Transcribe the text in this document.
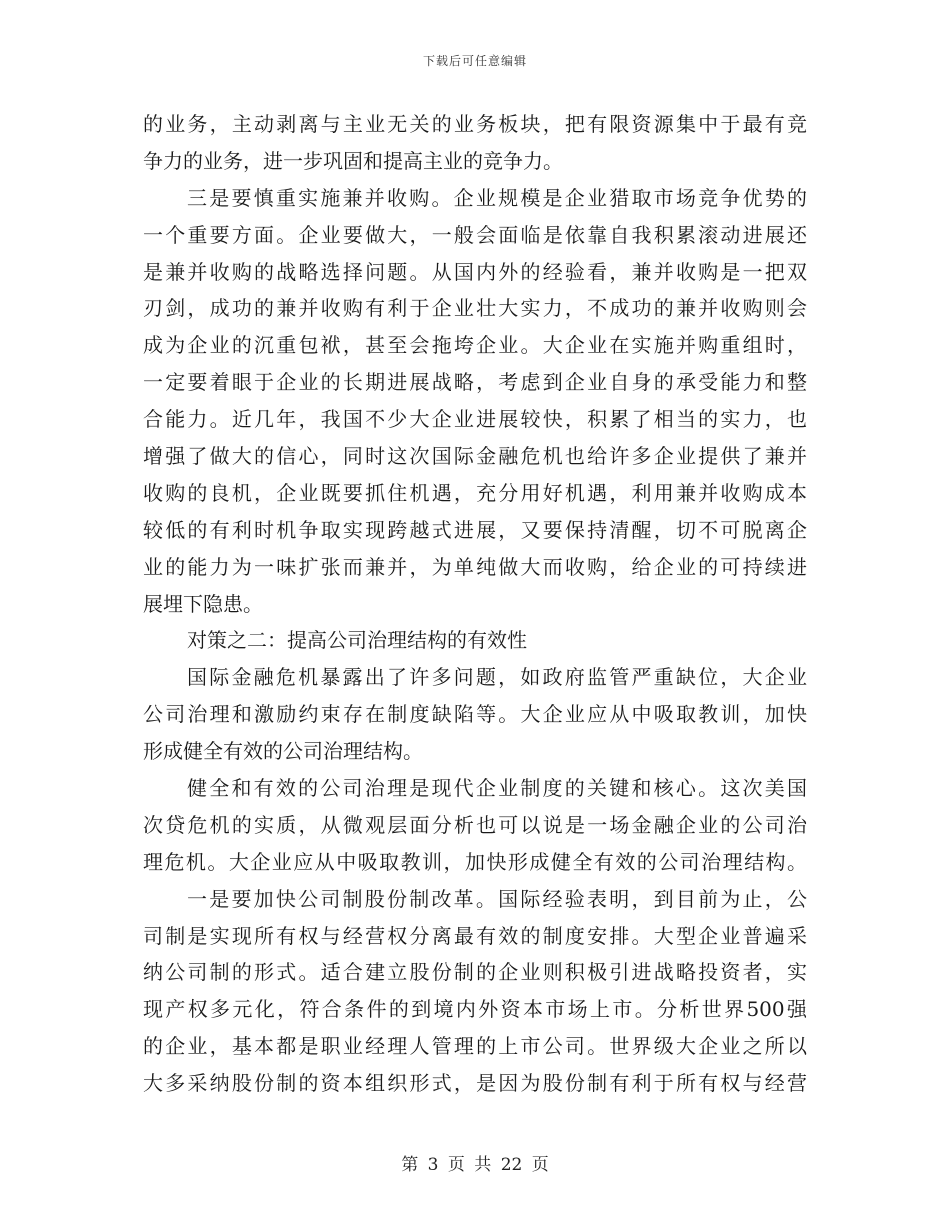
下载后可任意编辑
的业务，主动剥离与主业无关的业务板块，把有限资源集中于最有竞
争力的业务，进一步巩固和提高主业的竞争力。
三是要慎重实施兼并收购。企业规模是企业猎取市场竞争优势的
一个重要方面。企业要做大，一般会面临是依靠自我积累滚动进展还
是兼并收购的战略选择问题。从国内外的经验看，兼并收购是一把双
刃剑，成功的兼并收购有利于企业壮大实力，不成功的兼并收购则会
成为企业的沉重包袱，甚至会拖垮企业。大企业在实施并购重组时，
一定要着眼于企业的长期进展战略，考虑到企业自身的承受能力和整
合能力。近几年，我国不少大企业进展较快，积累了相当的实力，也
增强了做大的信心，同时这次国际金融危机也给许多企业提供了兼并
收购的良机，企业既要抓住机遇，充分用好机遇，利用兼并收购成本
较低的有利时机争取实现跨越式进展，又要保持清醒，切不可脱离企
业的能力为一味扩张而兼并，为单纯做大而收购，给企业的可持续进
展埋下隐患。
对策之二：提高公司治理结构的有效性
国际金融危机暴露出了许多问题，如政府监管严重缺位，大企业
公司治理和激励约束存在制度缺陷等。大企业应从中吸取教训，加快
形成健全有效的公司治理结构。
健全和有效的公司治理是现代企业制度的关键和核心。这次美国
次贷危机的实质，从微观层面分析也可以说是一场金融企业的公司治
理危机。大企业应从中吸取教训，加快形成健全有效的公司治理结构。
一是要加快公司制股份制改革。国际经验表明，到目前为止，公
司制是实现所有权与经营权分离最有效的制度安排。大型企业普遍采
纳公司制的形式。适合建立股份制的企业则积极引进战略投资者，实
现产权多元化，符合条件的到境内外资本市场上市。分析世界500强
的企业，基本都是职业经理人管理的上市公司。世界级大企业之所以
大多采纳股份制的资本组织形式，是因为股份制有利于所有权与经营
第 3 页 共 22 页
